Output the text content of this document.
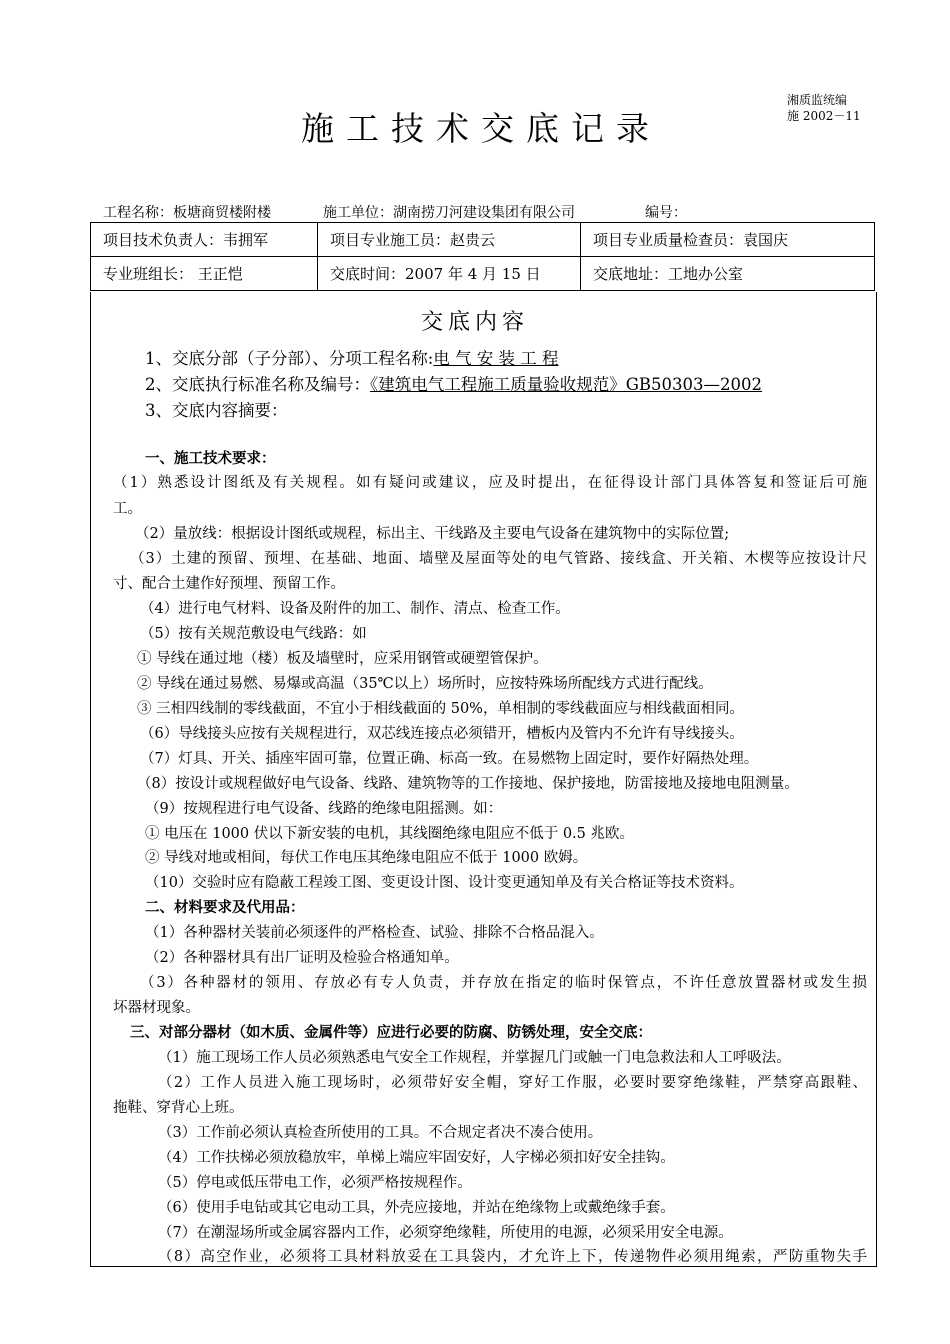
湘质监统编
施 2002－11
施工技术交底记录
工程名称：板塘商贸楼附楼	施工单位：湖南捞刀河建设集团有限公司	编号：
项目技术负责人：韦拥军	项目专业施工员：赵贵云	项目专业质量检查员：袁国庆
专业班组长： 王正恺	交底时间：2007 年 4 月 15 日	交底地址：工地办公室
交底内容
1、交底分部（子分部）、分项工程名称:电 气 安 装 工 程
2、交底执行标准名称及编号：《建筑电气工程施工质量验收规范》GB50303—2002
3、交底内容摘要：
一、施工技术要求：
（1）熟悉设计图纸及有关规程。如有疑问或建议，应及时提出，在征得设计部门具体答复和签证后可施
工。
（2）量放线：根据设计图纸或规程，标出主、干线路及主要电气设备在建筑物中的实际位置;
（3）土建的预留、预埋、在基础、地面、墙壁及屋面等处的电气管路、接线盒、开关箱、木楔等应按设计尺
寸、配合土建作好预埋、预留工作。
（4）进行电气材料、设备及附件的加工、制作、清点、检查工作。
（5）按有关规范敷设电气线路：如
① 导线在通过地（楼）板及墙壁时，应采用钢管或硬塑管保护。
② 导线在通过易燃、易爆或高温（35℃以上）场所时，应按特殊场所配线方式进行配线。
③ 三相四线制的零线截面，不宜小于相线截面的 50%，单相制的零线截面应与相线截面相同。
（6）导线接头应按有关规程进行，双芯线连接点必须错开，槽板内及管内不允许有导线接头。
（7）灯具、开关、插座牢固可靠，位置正确、标高一致。在易燃物上固定时，要作好隔热处理。
（8）按设计或规程做好电气设备、线路、建筑物等的工作接地、保护接地，防雷接地及接地电阻测量。
（9）按规程进行电气设备、线路的绝缘电阻摇测。如：
① 电压在 1000 伏以下新安装的电机，其线圈绝缘电阻应不低于 0.5 兆欧。
② 导线对地或相间，每伏工作电压其绝缘电阻应不低于 1000 欧姆。
（10）交验时应有隐蔽工程竣工图、变更设计图、设计变更通知单及有关合格证等技术资料。
二、材料要求及代用品：
（1）各种器材关装前必须逐件的严格检查、试验、排除不合格品混入。
（2）各种器材具有出厂证明及检验合格通知单。
（3）各种器材的领用、存放必有专人负责，并存放在指定的临时保管点，不许任意放置器材或发生损
坏器材现象。
三、对部分器材（如木质、金属件等）应进行必要的防腐、防锈处理，安全交底：
（1）施工现场工作人员必须熟悉电气安全工作规程，并掌握几门或触一门电急救法和人工呼吸法。
（2）工作人员进入施工现场时，必须带好安全帽，穿好工作服，必要时要穿绝缘鞋，严禁穿高跟鞋、
拖鞋、穿背心上班。
（3）工作前必须认真检查所使用的工具。不合规定者决不凑合使用。
（4）工作扶梯必须放稳放牢，单梯上端应牢固安好，人字梯必须扣好安全挂钩。
（5）停电或低压带电工作，必须严格按规程作。
（6）使用手电钻或其它电动工具，外壳应接地，并站在绝缘物上或戴绝缘手套。
（7）在潮湿场所或金属容器内工作，必须穿绝缘鞋，所使用的电源，必须采用安全电源。
（8）高空作业，必须将工具材料放妥在工具袋内，才允许上下，传递物件必须用绳索，严防重物失手
